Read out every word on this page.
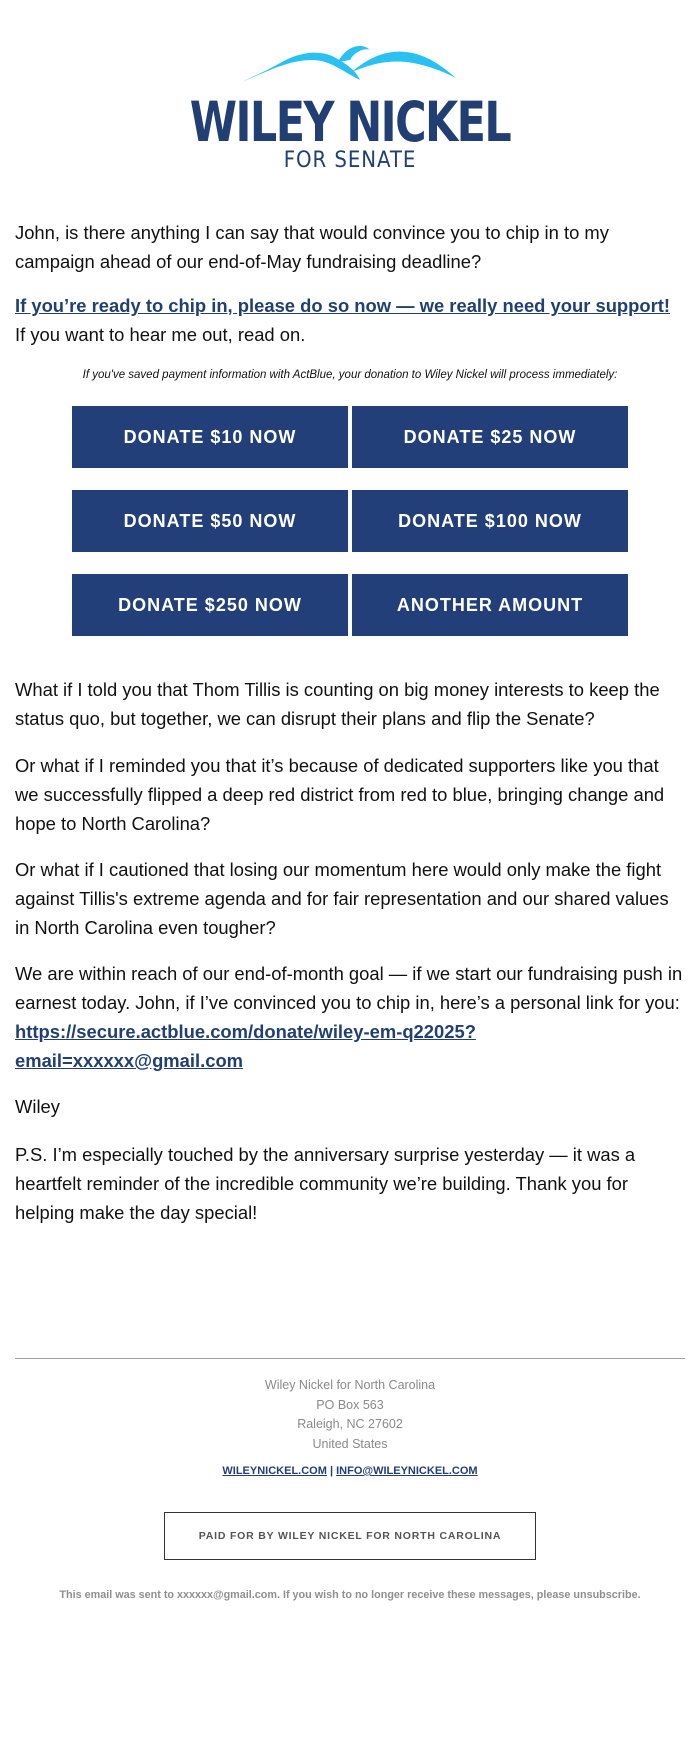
WILEY NICKEL
FOR SENATE

John, is there anything I can say that would convince you to chip in to my campaign ahead of our end-of-May fundraising deadline?

If you’re ready to chip in, please do so now — we really need your support! If you want to hear me out, read on.

If you've saved payment information with ActBlue, your donation to Wiley Nickel will process immediately:
DONATE $10 NOW	DONATE $25 NOW
DONATE $50 NOW	DONATE $100 NOW
DONATE $250 NOW	ANOTHER AMOUNT

What if I told you that Thom Tillis is counting on big money interests to keep the status quo, but together, we can disrupt their plans and flip the Senate?

Or what if I reminded you that it’s because of dedicated supporters like you that we successfully flipped a deep red district from red to blue, bringing change and hope to North Carolina?

Or what if I cautioned that losing our momentum here would only make the fight against Tillis's extreme agenda and for fair representation and our shared values in North Carolina even tougher?

We are within reach of our end-of-month goal — if we start our fundraising push in earnest today. John, if I’ve convinced you to chip in, here’s a personal link for you: https://secure.actblue.com/donate/wiley-em-q22025?email=xxxxxx@gmail.com

Wiley

P.S. I’m especially touched by the anniversary surprise yesterday — it was a heartfelt reminder of the incredible community we’re building. Thank you for helping make the day special!

Wiley Nickel for North Carolina
PO Box 563
Raleigh, NC 27602
United States
WILEYNICKEL.COM | INFO@WILEYNICKEL.COM
PAID FOR BY WILEY NICKEL FOR NORTH CAROLINA
This email was sent to xxxxxx@gmail.com. If you wish to no longer receive these messages, please unsubscribe.
